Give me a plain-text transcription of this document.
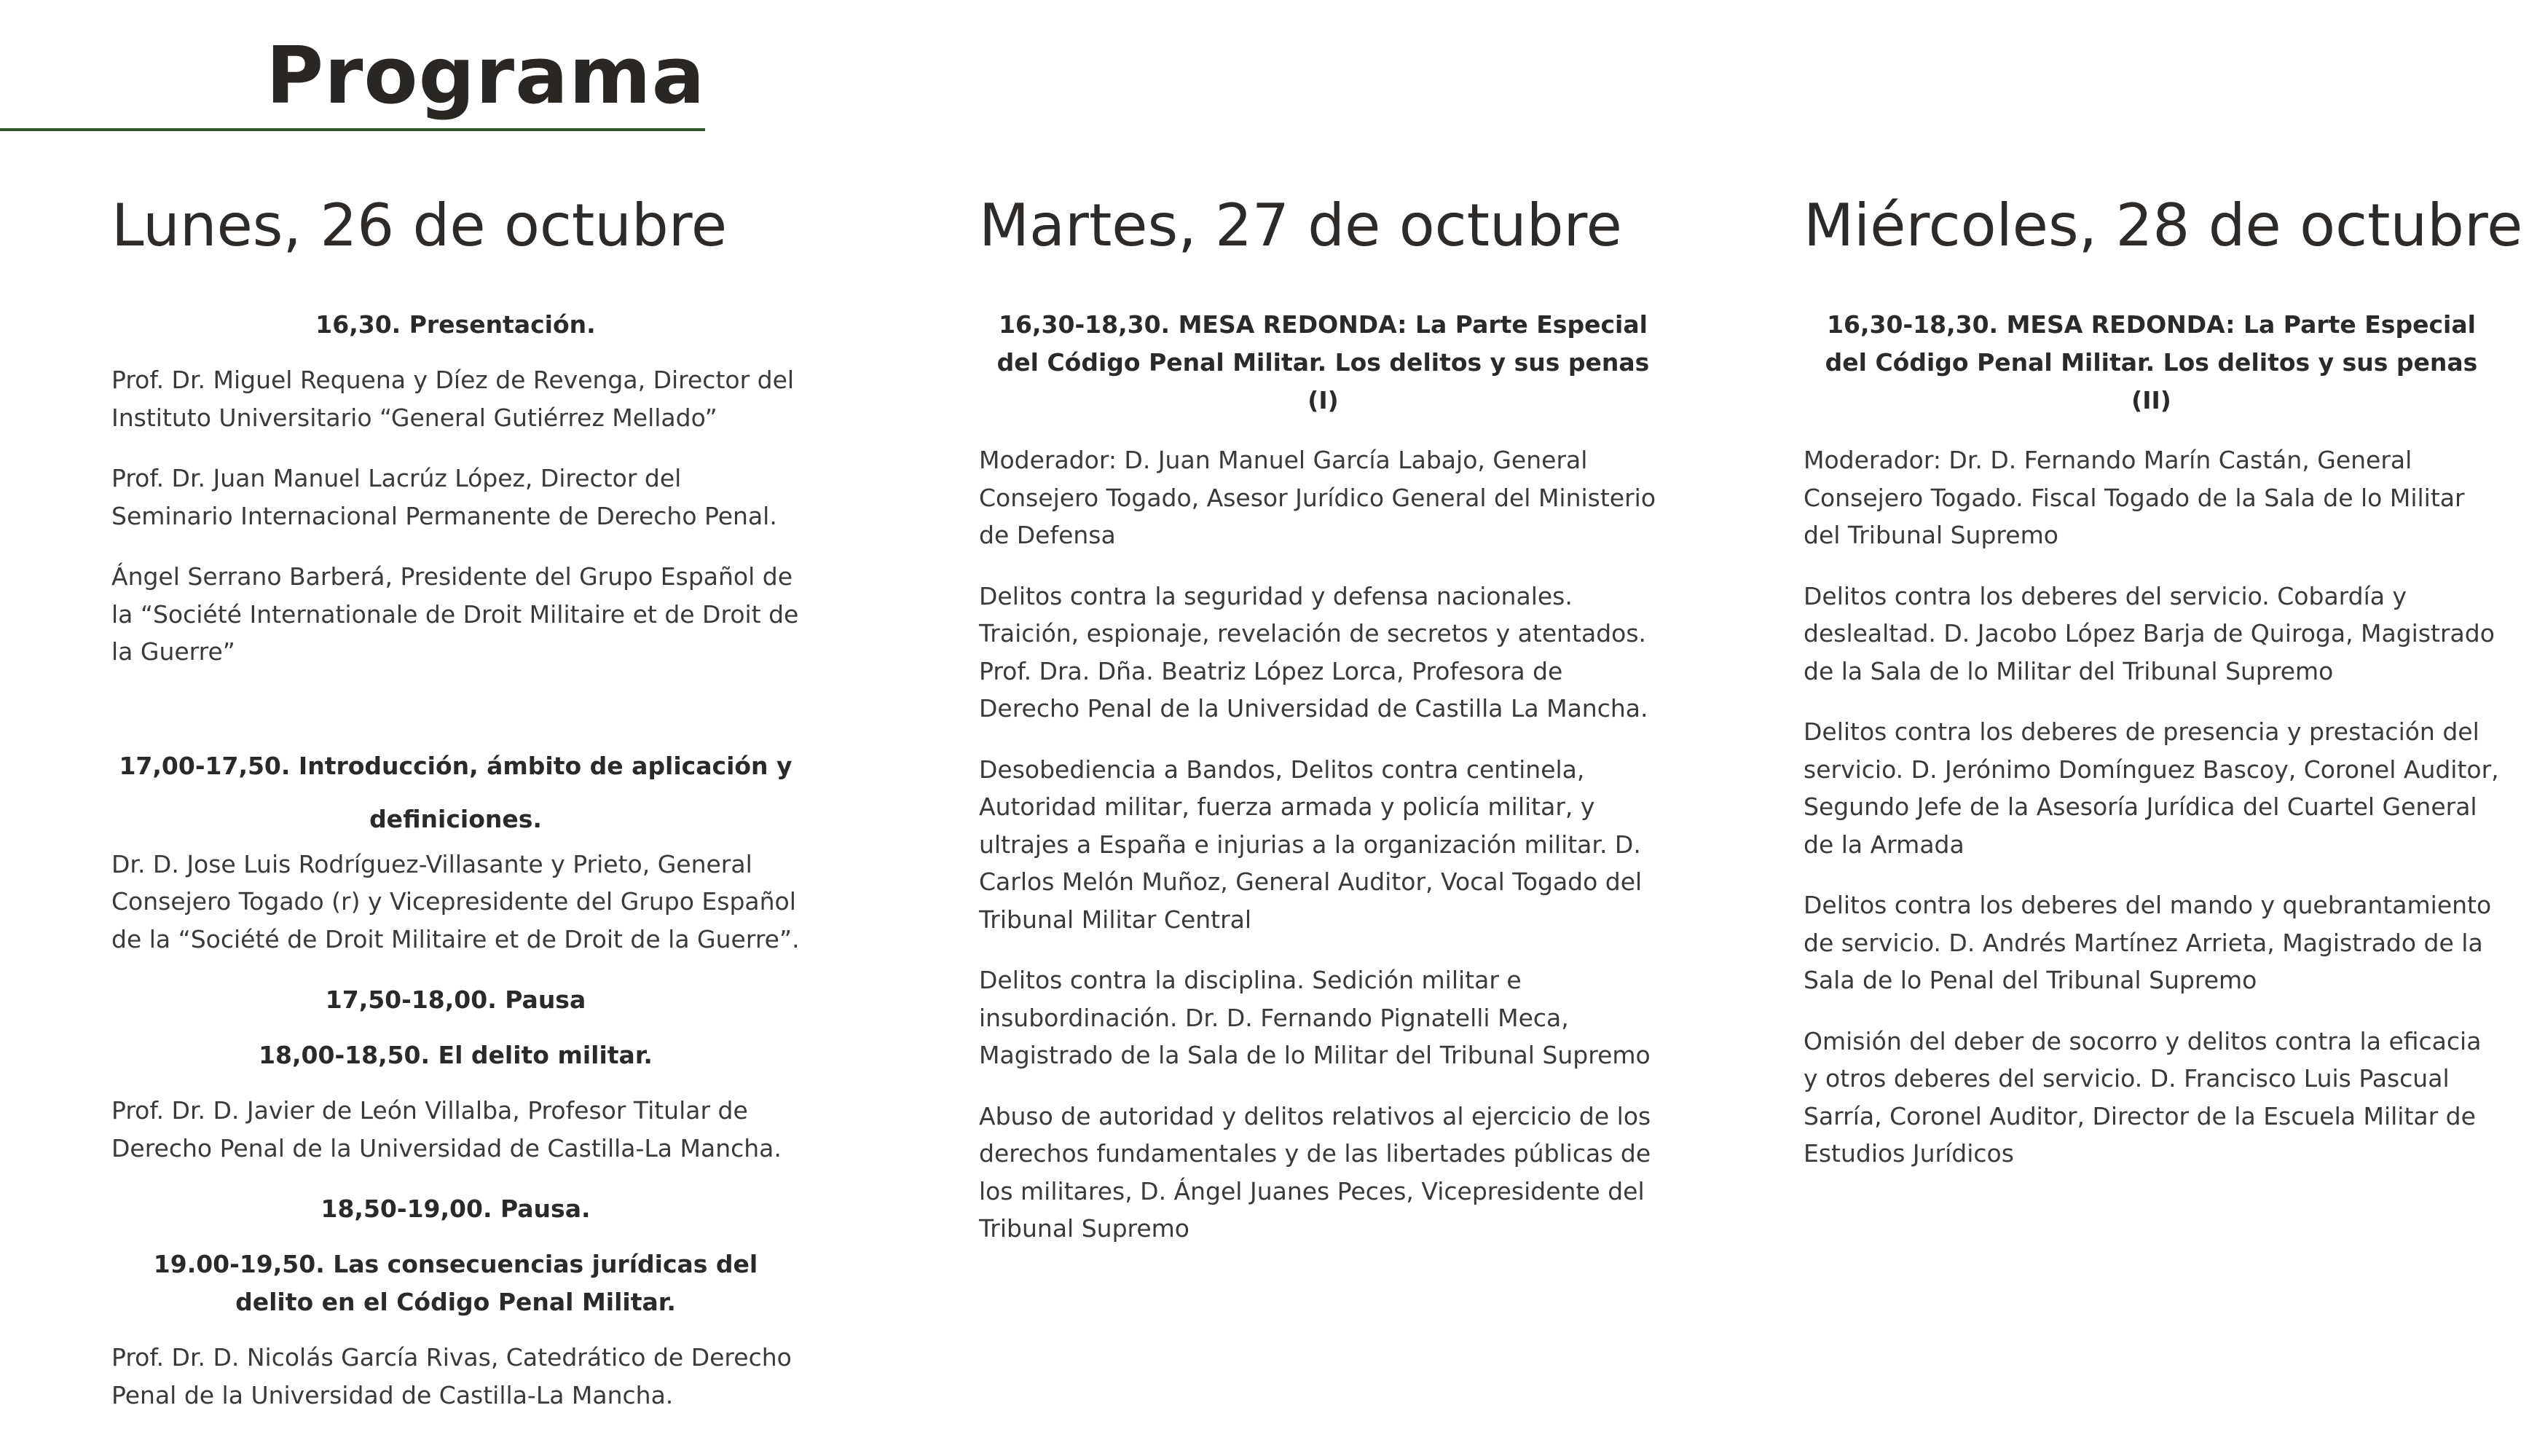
Programa
Lunes, 26 de octubre

16,30. Presentación.

Prof. Dr. Miguel Requena y Díez de Revenga, Director del Instituto Universitario “General Gutiérrez Mellado”

Prof. Dr. Juan Manuel Lacrúz López, Director del Seminario Internacional Permanente de Derecho Penal.

Ángel Serrano Barberá, Presidente del Grupo Español de la “Société Internationale de Droit Militaire et de Droit de la Guerre”

17,00-17,50. Introducción, ámbito de aplicación y definiciones.

Dr. D. Jose Luis Rodríguez-Villasante y Prieto, General Consejero Togado (r) y Vicepresidente del Grupo Español de la “Société de Droit Militaire et de Droit de la Guerre”.

17,50-18,00. Pausa

18,00-18,50. El delito militar.

Prof. Dr. D. Javier de León Villalba, Profesor Titular de Derecho Penal de la Universidad de Castilla-La Mancha.

18,50-19,00. Pausa.

19.00-19,50. Las consecuencias jurídicas del delito en el Código Penal Militar.

Prof. Dr. D. Nicolás García Rivas, Catedrático de Derecho Penal de la Universidad de Castilla-La Mancha.

Martes, 27 de octubre

16,30-18,30. MESA REDONDA: La Parte Especial del Código Penal Militar. Los delitos y sus penas (I)

Moderador: D. Juan Manuel García Labajo, General Consejero Togado, Asesor Jurídico General del Ministerio de Defensa

Delitos contra la seguridad y defensa nacionales. Traición, espionaje, revelación de secretos y atentados. Prof. Dra. Dña. Beatriz López Lorca, Profesora de Derecho Penal de la Universidad de Castilla La Mancha.

Desobediencia a Bandos, Delitos contra centinela, Autoridad militar, fuerza armada y policía militar, y ultrajes a España e injurias a la organización militar. D. Carlos Melón Muñoz, General Auditor, Vocal Togado del Tribunal Militar Central

Delitos contra la disciplina. Sedición militar e insubordinación. Dr. D. Fernando Pignatelli Meca, Magistrado de la Sala de lo Militar del Tribunal Supremo

Abuso de autoridad y delitos relativos al ejercicio de los derechos fundamentales y de las libertades públicas de los militares, D. Ángel Juanes Peces, Vicepresidente del Tribunal Supremo

Miércoles, 28 de octubre

16,30-18,30. MESA REDONDA: La Parte Especial del Código Penal Militar. Los delitos y sus penas (II)

Moderador: Dr. D. Fernando Marín Castán, General Consejero Togado. Fiscal Togado de la Sala de lo Militar del Tribunal Supremo

Delitos contra los deberes del servicio. Cobardía y deslealtad. D. Jacobo López Barja de Quiroga, Magistrado de la Sala de lo Militar del Tribunal Supremo

Delitos contra los deberes de presencia y prestación del servicio. D. Jerónimo Domínguez Bascoy, Coronel Auditor, Segundo Jefe de la Asesoría Jurídica del Cuartel General de la Armada

Delitos contra los deberes del mando y quebrantamiento de servicio. D. Andrés Martínez Arrieta, Magistrado de la Sala de lo Penal del Tribunal Supremo

Omisión del deber de socorro y delitos contra la eficacia y otros deberes del servicio. D. Francisco Luis Pascual Sarría, Coronel Auditor, Director de la Escuela Militar de Estudios Jurídicos
